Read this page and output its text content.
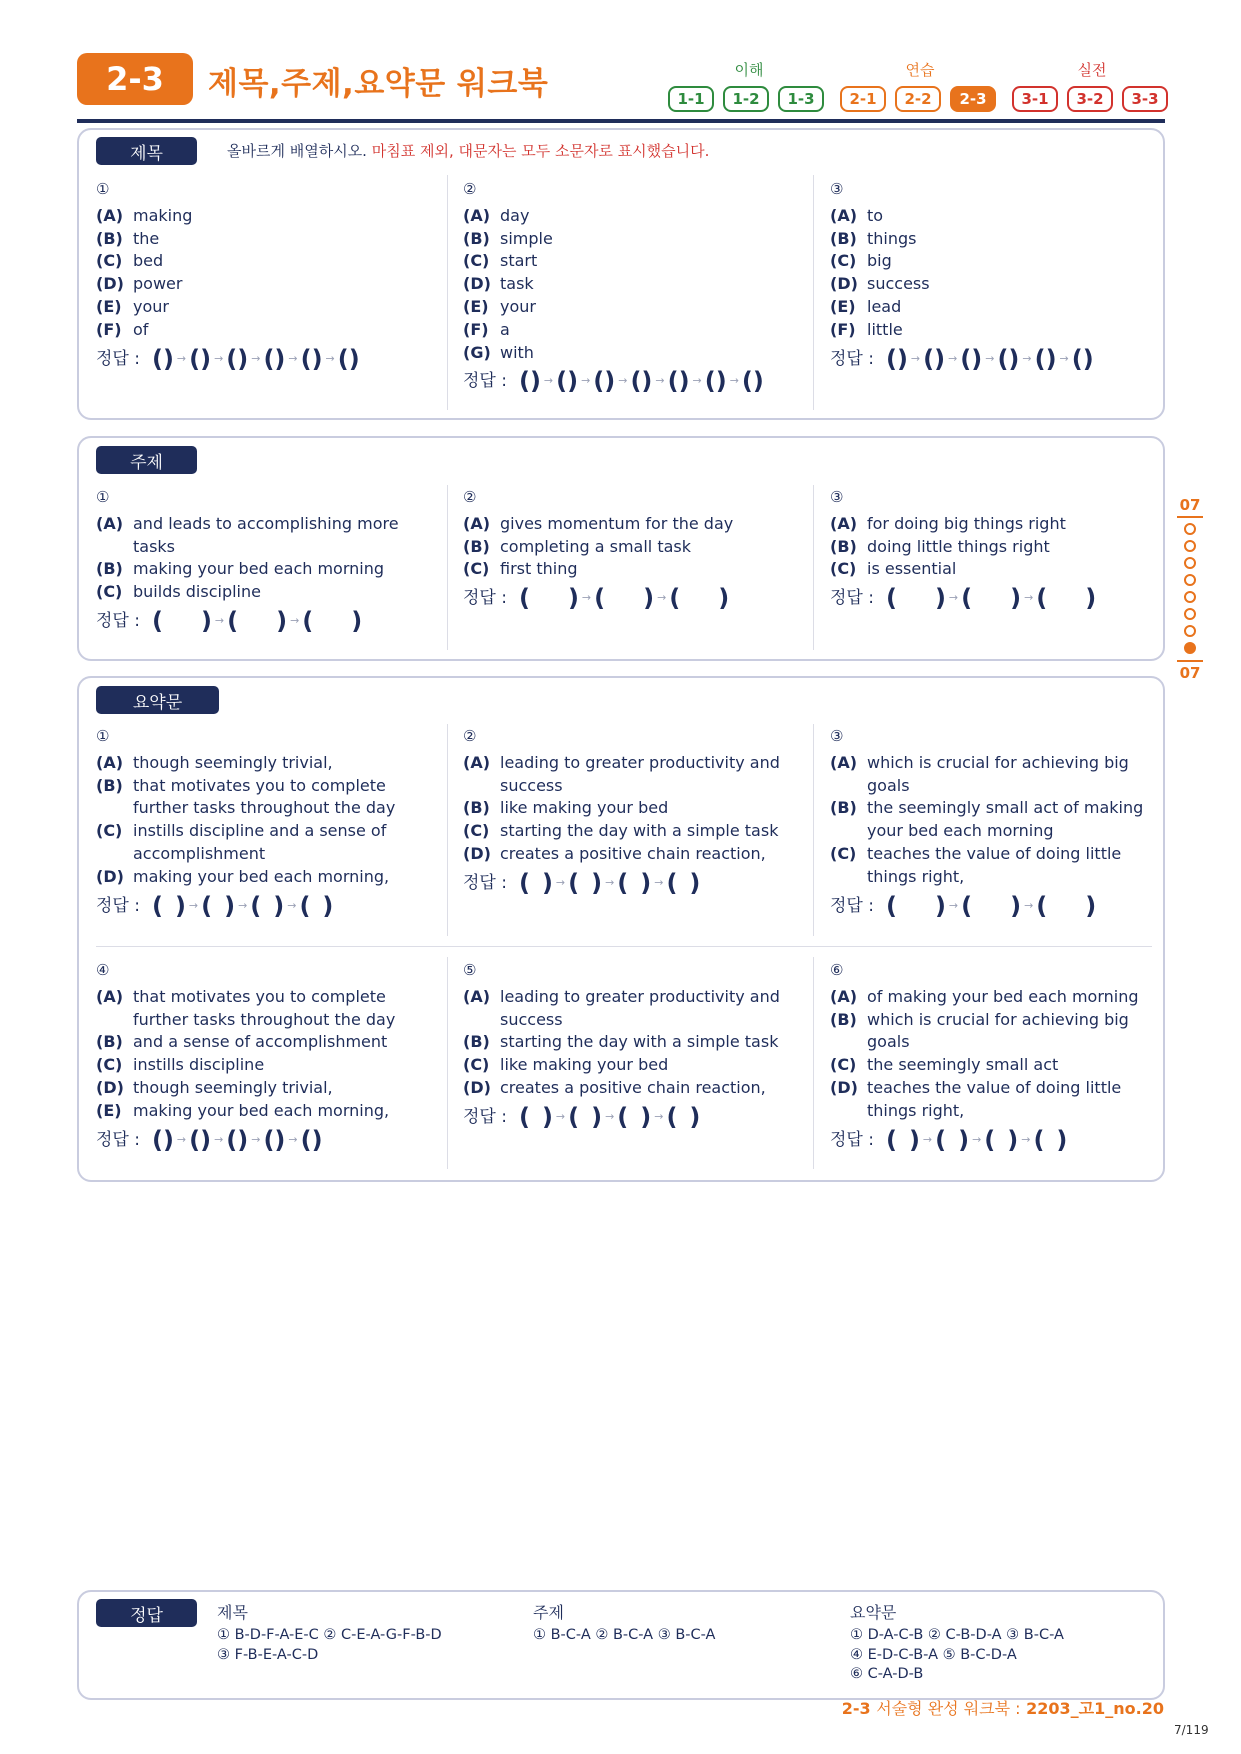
2-3	제목,주제,요약문 워크북	이해	연습	실전
1-1	1-2	1-3	2-1	2-2	2-3	3-1	3-2	3-3
제목	올바르게 배열하시오. 마침표 제외, 대문자는 모두 소문자로 표시했습니다.
①
(A) making
(B) the
(C) bed
(D) power
(E) your
(F) of
정답 : () → () → () → () → () → ()
②
(A) day
(B) simple
(C) start
(D) task
(E) your
(F) a
(G) with
정답 : () → () → () → () → () → () → ()
③
(A) to
(B) things
(C) big
(D) success
(E) lead
(F) little
정답 : () → () → () → () → () → ()
주제
①
(A) and leads to accomplishing more tasks
(B) making your bed each morning
(C) builds discipline
정답 : ( ) → ( ) → ( )
②
(A) gives momentum for the day
(B) completing a small task
(C) first thing
정답 : ( ) → ( ) → ( )
③
(A) for doing big things right
(B) doing little things right
(C) is essential
정답 : ( ) → ( ) → ( )
요약문
①
(A) though seemingly trivial,
(B) that motivates you to complete further tasks throughout the day
(C) instills discipline and a sense of accomplishment
(D) making your bed each morning,
정답 : ( ) → ( ) → ( ) → ( )
②
(A) leading to greater productivity and success
(B) like making your bed
(C) starting the day with a simple task
(D) creates a positive chain reaction,
정답 : ( ) → ( ) → ( ) → ( )
③
(A) which is crucial for achieving big goals
(B) the seemingly small act of making your bed each morning
(C) teaches the value of doing little things right,
정답 : ( ) → ( ) → ( )
④
(A) that motivates you to complete further tasks throughout the day
(B) and a sense of accomplishment
(C) instills discipline
(D) though seemingly trivial,
(E) making your bed each morning,
정답 : () → () → () → () → ()
⑤
(A) leading to greater productivity and success
(B) starting the day with a simple task
(C) like making your bed
(D) creates a positive chain reaction,
정답 : ( ) → ( ) → ( ) → ( )
⑥
(A) of making your bed each morning
(B) which is crucial for achieving big goals
(C) the seemingly small act
(D) teaches the value of doing little things right,
정답 : ( ) → ( ) → ( ) → ( )
07
07
정답	제목
① B-D-F-A-E-C ② C-E-A-G-F-B-D
③ F-B-E-A-C-D
주제
① B-C-A ② B-C-A ③ B-C-A
요약문
① D-A-C-B ② C-B-D-A ③ B-C-A
④ E-D-C-B-A ⑤ B-C-D-A
⑥ C-A-D-B
2-3 서술형 완성 워크북 : 2203_고1_no.20
7/119
